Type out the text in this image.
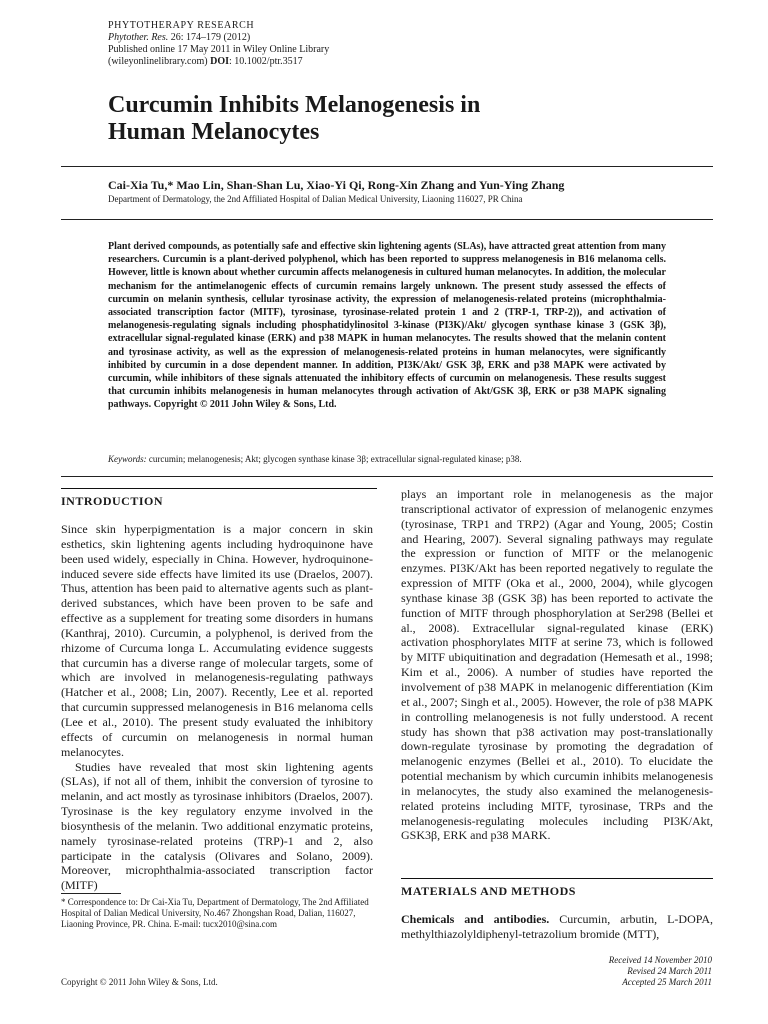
PHYTOTHERAPY RESEARCH
Phytother. Res. 26: 174–179 (2012)
Published online 17 May 2011 in Wiley Online Library
(wileyonlinelibrary.com) DOI: 10.1002/ptr.3517
Curcumin Inhibits Melanogenesis in
Human Melanocytes
Cai-Xia Tu,* Mao Lin, Shan-Shan Lu, Xiao-Yi Qi, Rong-Xin Zhang and Yun-Ying Zhang
Department of Dermatology, the 2nd Affiliated Hospital of Dalian Medical University, Liaoning 116027, PR China

Plant derived compounds, as potentially safe and effective skin lightening agents (SLAs), have attracted great attention from many researchers. Curcumin is a plant-derived polyphenol, which has been reported to suppress melanogenesis in B16 melanoma cells. However, little is known about whether curcumin affects melanogenesis in cultured human melanocytes. In addition, the molecular mechanism for the antimelanogenic effects of curcumin remains largely unknown. The present study assessed the effects of curcumin on melanin synthesis, cellular tyrosinase activity, the expression of melanogenesis-related proteins (microphthalmia-associated transcription factor (MITF), tyrosinase, tyrosinase-related protein 1 and 2 (TRP-1, TRP-2)), and activation of melanogenesis-regulating signals including phosphatidylinositol 3-kinase (PI3K)/Akt/ glycogen synthase kinase 3 (GSK 3β), extracellular signal-regulated kinase (ERK) and p38 MAPK in human melanocytes. The results showed that the melanin content and tyrosinase activity, as well as the expression of melanogenesis-related proteins in human melanocytes, were significantly inhibited by curcumin in a dose dependent manner. In addition, PI3K/Akt/ GSK 3β, ERK and p38 MAPK were activated by curcumin, while inhibitors of these signals attenuated the inhibitory effects of curcumin on melanogenesis. These results suggest that curcumin inhibits melanogenesis in human melanocytes through activation of Akt/GSK 3β, ERK or p38 MAPK signaling pathways. Copyright © 2011 John Wiley & Sons, Ltd.

Keywords: curcumin; melanogenesis; Akt; glycogen synthase kinase 3β; extracellular signal-regulated kinase; p38.
INTRODUCTION

Since skin hyperpigmentation is a major concern in skin esthetics, skin lightening agents including hydroquinone have been used widely, especially in China. However, hydroquinone-induced severe side effects have limited its use (Draelos, 2007). Thus, attention has been paid to alternative agents such as plant-derived substances, which have been proven to be safe and effective as a supplement for treating some disorders in humans (Kanthraj, 2010). Curcumin, a polyphenol, is derived from the rhizome of Curcuma longa L. Accumulating evidence suggests that curcumin has a diverse range of molecular targets, some of which are involved in melanogenesis-regulating pathways (Hatcher et al., 2008; Lin, 2007). Recently, Lee et al. reported that curcumin suppressed melanogenesis in B16 melanoma cells (Lee et al., 2010). The present study evaluated the inhibitory effects of curcumin on melanogenesis in normal human melanocytes.

Studies have revealed that most skin lightening agents (SLAs), if not all of them, inhibit the conversion of tyrosine to melanin, and act mostly as tyrosinase inhibitors (Draelos, 2007). Tyrosinase is the key regulatory enzyme involved in the biosynthesis of the melanin. Two additional enzymatic proteins, namely tyrosinase-related proteins (TRP)-1 and 2, also participate in the catalysis (Olivares and Solano, 2009). Moreover, microphthalmia-associated transcription factor (MITF)

plays an important role in melanogenesis as the major transcriptional activator of expression of melanogenic enzymes (tyrosinase, TRP1 and TRP2) (Agar and Young, 2005; Costin and Hearing, 2007). Several signaling pathways may regulate the expression or function of MITF or the melanogenic enzymes. PI3K/Akt has been reported negatively to regulate the expression of MITF (Oka et al., 2000, 2004), while glycogen synthase kinase 3β (GSK 3β) has been reported to activate the function of MITF through phosphorylation at Ser298 (Bellei et al., 2008). Extracellular signal-regulated kinase (ERK) activation phosphorylates MITF at serine 73, which is followed by MITF ubiquitination and degradation (Hemesath et al., 1998; Kim et al., 2006). A number of studies have reported the involvement of p38 MAPK in melanogenic differentiation (Kim et al., 2007; Singh et al., 2005). However, the role of p38 MAPK in controlling melanogenesis is not fully understood. A recent study has shown that p38 activation may post-translationally down-regulate tyrosinase by promoting the degradation of melanogenic enzymes (Bellei et al., 2010). To elucidate the potential mechanism by which curcumin inhibits melanogenesis in melanocytes, the study also examined the melanogenesis-related proteins including MITF, tyrosinase, TRPs and the melanogenesis-regulating molecules including PI3K/Akt, GSK3β, ERK and p38 MARK.

MATERIALS AND METHODS

Chemicals and antibodies. Curcumin, arbutin, L-DOPA, methylthiazolyldiphenyl-tetrazolium bromide (MTT),

* Correspondence to: Dr Cai-Xia Tu, Department of Dermatology, The 2nd Affiliated Hospital of Dalian Medical University, No.467 Zhongshan Road, Dalian, 116027, Liaoning Province, PR. China. E-mail: tucx2010@sina.com
Received 14 November 2010
Revised 24 March 2011
Accepted 25 March 2011
Copyright © 2011 John Wiley & Sons, Ltd.
